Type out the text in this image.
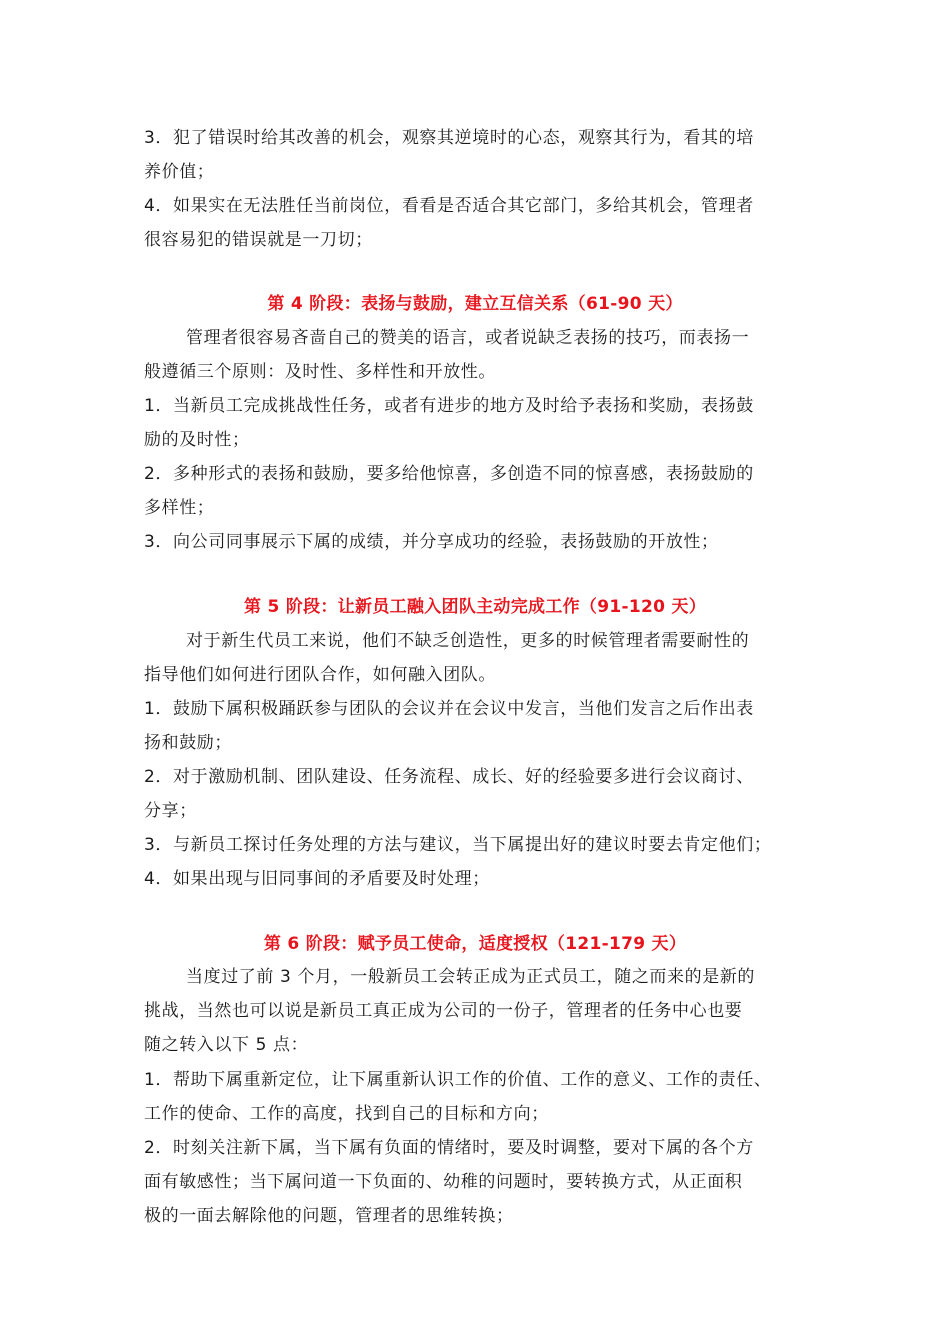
3．犯了错误时给其改善的机会，观察其逆境时的心态，观察其行为，看其的培
养价值；
4．如果实在无法胜任当前岗位，看看是否适合其它部门，多给其机会，管理者
很容易犯的错误就是一刀切；
第 4 阶段：表扬与鼓励，建立互信关系（61-90 天）
管理者很容易吝啬自己的赞美的语言，或者说缺乏表扬的技巧，而表扬一
般遵循三个原则：及时性、多样性和开放性。
1．当新员工完成挑战性任务，或者有进步的地方及时给予表扬和奖励，表扬鼓
励的及时性；
2．多种形式的表扬和鼓励，要多给他惊喜，多创造不同的惊喜感，表扬鼓励的
多样性；
3．向公司同事展示下属的成绩，并分享成功的经验，表扬鼓励的开放性；
第 5 阶段：让新员工融入团队主动完成工作（91-120 天）
对于新生代员工来说，他们不缺乏创造性，更多的时候管理者需要耐性的
指导他们如何进行团队合作，如何融入团队。
1．鼓励下属积极踊跃参与团队的会议并在会议中发言，当他们发言之后作出表
扬和鼓励；
2．对于激励机制、团队建设、任务流程、成长、好的经验要多进行会议商讨、
分享；
3．与新员工探讨任务处理的方法与建议，当下属提出好的建议时要去肯定他们；
4．如果出现与旧同事间的矛盾要及时处理；
第 6 阶段：赋予员工使命，适度授权（121-179 天）
当度过了前 3 个月，一般新员工会转正成为正式员工，随之而来的是新的
挑战，当然也可以说是新员工真正成为公司的一份子，管理者的任务中心也要
随之转入以下 5 点：
1．帮助下属重新定位，让下属重新认识工作的价值、工作的意义、工作的责任、
工作的使命、工作的高度，找到自己的目标和方向；
2．时刻关注新下属，当下属有负面的情绪时，要及时调整，要对下属的各个方
面有敏感性；当下属问道一下负面的、幼稚的问题时，要转换方式，从正面积
极的一面去解除他的问题，管理者的思维转换；
